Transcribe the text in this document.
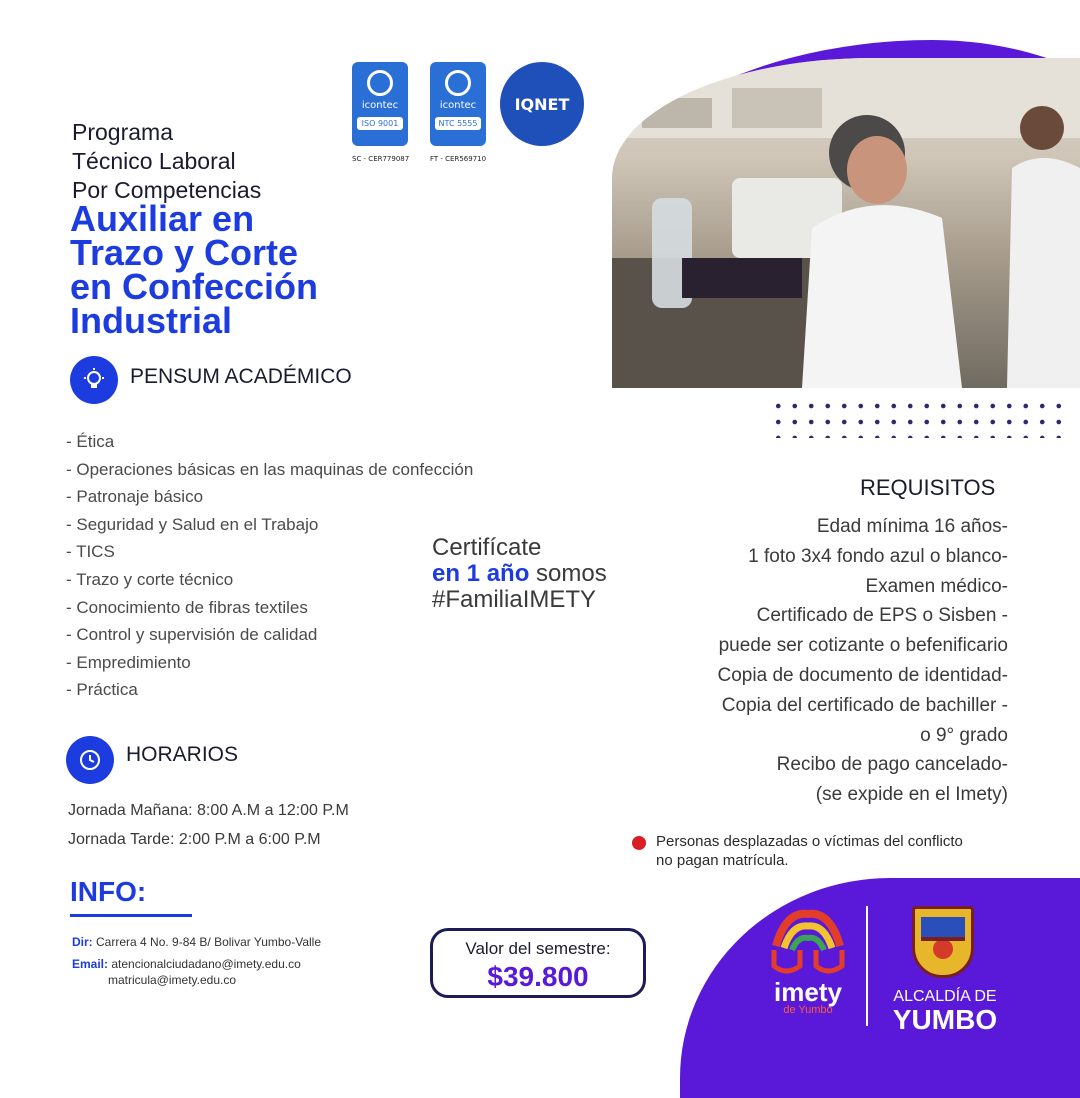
icontec
ISO 9001
SC - CER779087
icontec
NTC 5555
FT - CER569710
IQNET
Programa
Técnico Laboral
Por Competencias
Auxiliar en
Trazo y Corte
en Confección
Industrial
PENSUM ACADÉMICO
- Ética
- Operaciones básicas en las maquinas de confección
- Patronaje básico
- Seguridad y Salud en el Trabajo
- TICS
- Trazo y corte técnico
- Conocimiento de fibras textiles
- Control y supervisión de calidad
- Empredimiento
- Práctica
Certifícate
en 1 año somos
#FamiliaIMETY
REQUISITOS
Edad mínima 16 años-
1 foto 3x4 fondo azul o blanco-
Examen médico-
Certificado de EPS o Sisben -
puede ser cotizante o befenificario
Copia de documento de identidad-
Copia del certificado de bachiller -
o 9° grado
Recibo de pago cancelado-
(se expide en el Imety)
HORARIOS
Jornada Mañana: 8:00 A.M a 12:00 P.M
Jornada Tarde: 2:00 P.M a 6:00 P.M	Personas desplazadas o víctimas del conflicto
no pagan matrícula.
INFO:
Dir: Carrera 4 No. 9-84 B/ Bolivar Yumbo-Valle
Email: atencionalciudadano@imety.edu.co
matricula@imety.edu.co
Valor del semestre:
$39.800	imety
de Yumbo
ALCALDÍA DE
YUMBO
